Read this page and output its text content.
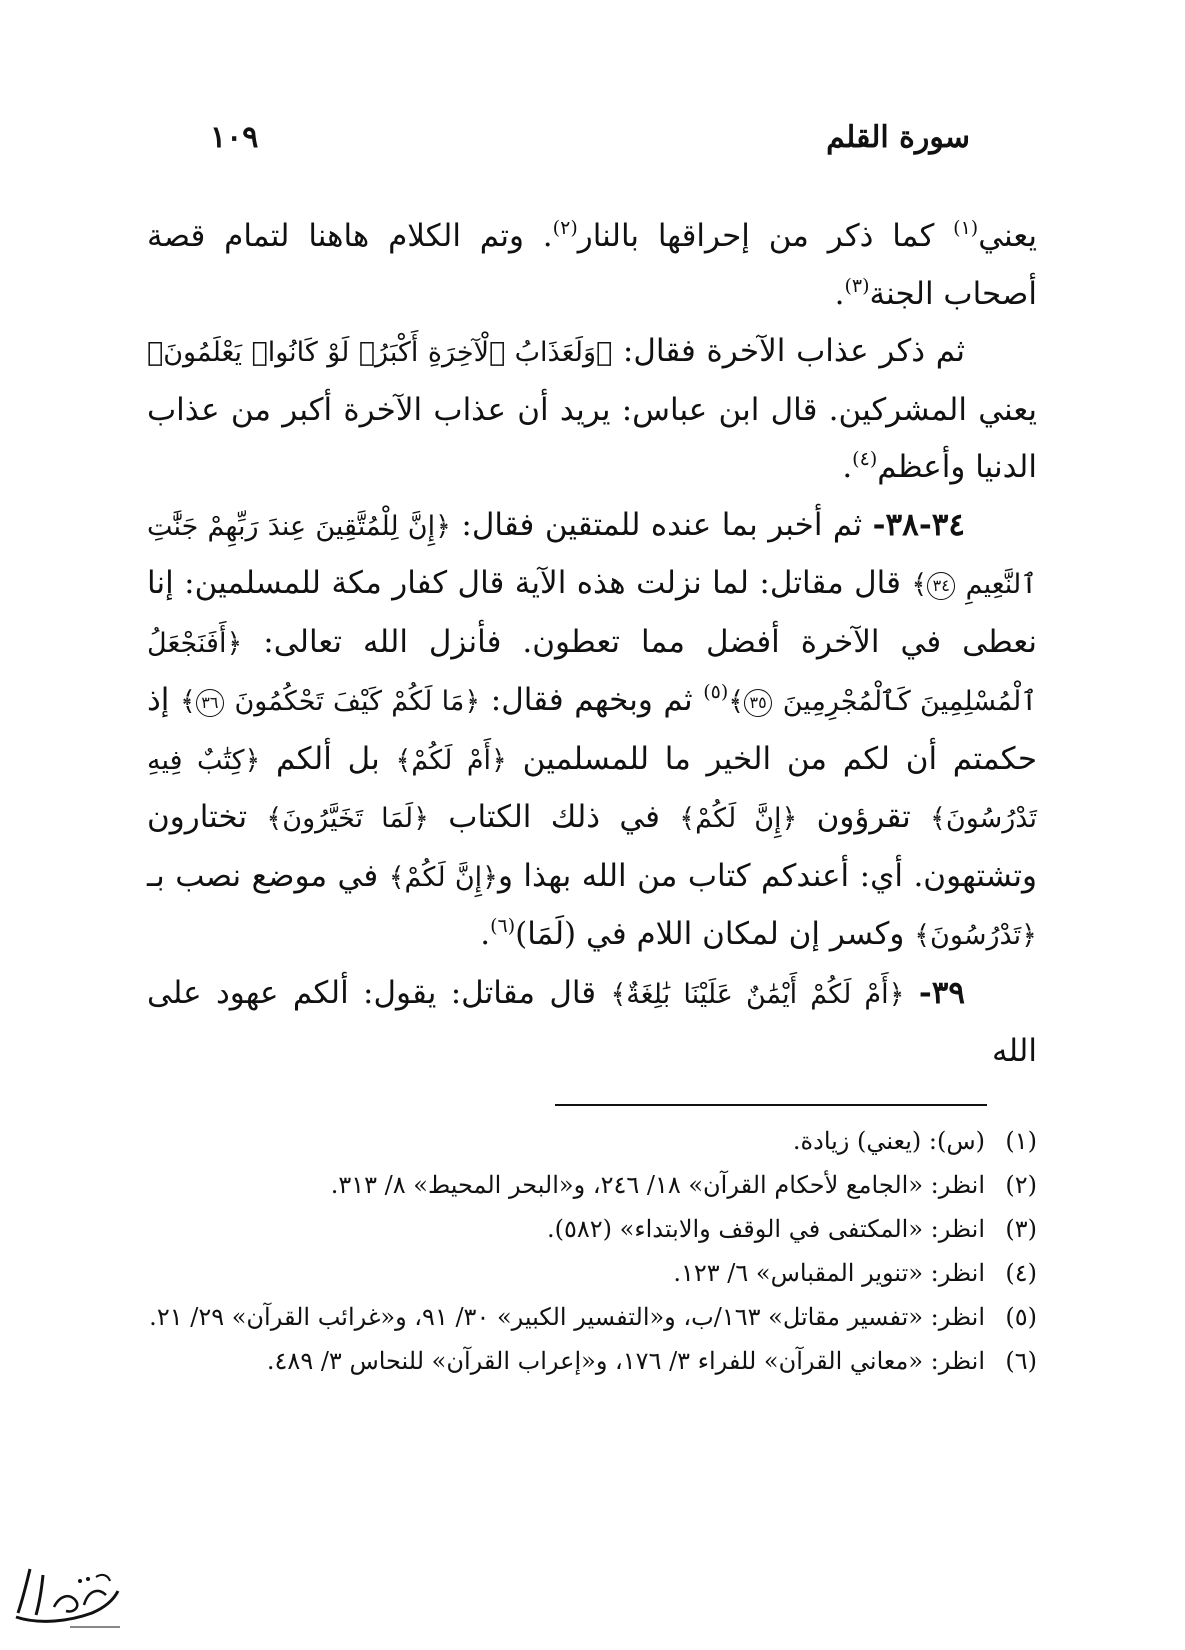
سورة القلم
١٠٩

يعني$^{(١)}$ كما ذكر من إحراقها بالنار$^{(٢)}$. وتم الكلام هاهنا لتمام قصة أصحاب الجنة$^{(٣)}$.

ثم ذكر عذاب الآخرة فقال: ﴿وَلَعَذَابُ ٱلْآخِرَةِ أَكْبَرُۚ لَوْ كَانُوا۟ يَعْلَمُونَ﴾ يعني المشركين. قال ابن عباس: يريد أن عذاب الآخرة أكبر من عذاب الدنيا وأعظم$^{(٤)}$.

٣٤-٣٨- ثم أخبر بما عنده للمتقين فقال: ﴿إِنَّ لِلْمُتَّقِينَ عِندَ رَبِّهِمْ جَنَّٰتِ ٱلنَّعِيمِ ٣٤﴾ قال مقاتل: لما نزلت هذه الآية قال كفار مكة للمسلمين: إنا نعطى في الآخرة أفضل مما تعطون. فأنزل الله تعالى: ﴿أَفَنَجْعَلُ ٱلْمُسْلِمِينَ كَٱلْمُجْرِمِينَ ٣٥﴾$^{(٥)}$ ثم وبخهم فقال: ﴿مَا لَكُمْ كَيْفَ تَحْكُمُونَ ٣٦﴾ إذ حكمتم أن لكم من الخير ما للمسلمين ﴿أَمْ لَكُمْ﴾ بل ألكم ﴿كِتَٰبٌ فِيهِ تَدْرُسُونَ﴾ تقرؤون ﴿إِنَّ لَكُمْ﴾ في ذلك الكتاب ﴿لَمَا تَخَيَّرُونَ﴾ تختارون وتشتهون. أي: أعندكم كتاب من الله بهذا و﴿إِنَّ لَكُمْ﴾ في موضع نصب بـ ﴿تَدْرُسُونَ﴾ وكسر إن لمكان اللام في (لَمَا)$^{(٦)}$.

٣٩- ﴿أَمْ لَكُمْ أَيْمَٰنٌ عَلَيْنَا بَٰلِغَةٌ﴾ قال مقاتل: يقول: ألكم عهود على الله

(١)
(س): (يعني) زيادة.
(٢)
انظر: «الجامع لأحكام القرآن» ١٨/ ٢٤٦، و«البحر المحيط» ٨/ ٣١٣.
(٣)
انظر: «المكتفى في الوقف والابتداء» (٥٨٢).
(٤)
انظر: «تنوير المقباس» ٦/ ١٢٣.
(٥)
انظر: «تفسير مقاتل» ١٦٣/ب، و«التفسير الكبير» ٣٠/ ٩١، و«غرائب القرآن» ٢٩/ ٢١.
(٦)
انظر: «معاني القرآن» للفراء ٣/ ١٧٦، و«إعراب القرآن» للنحاس ٣/ ٤٨٩.
